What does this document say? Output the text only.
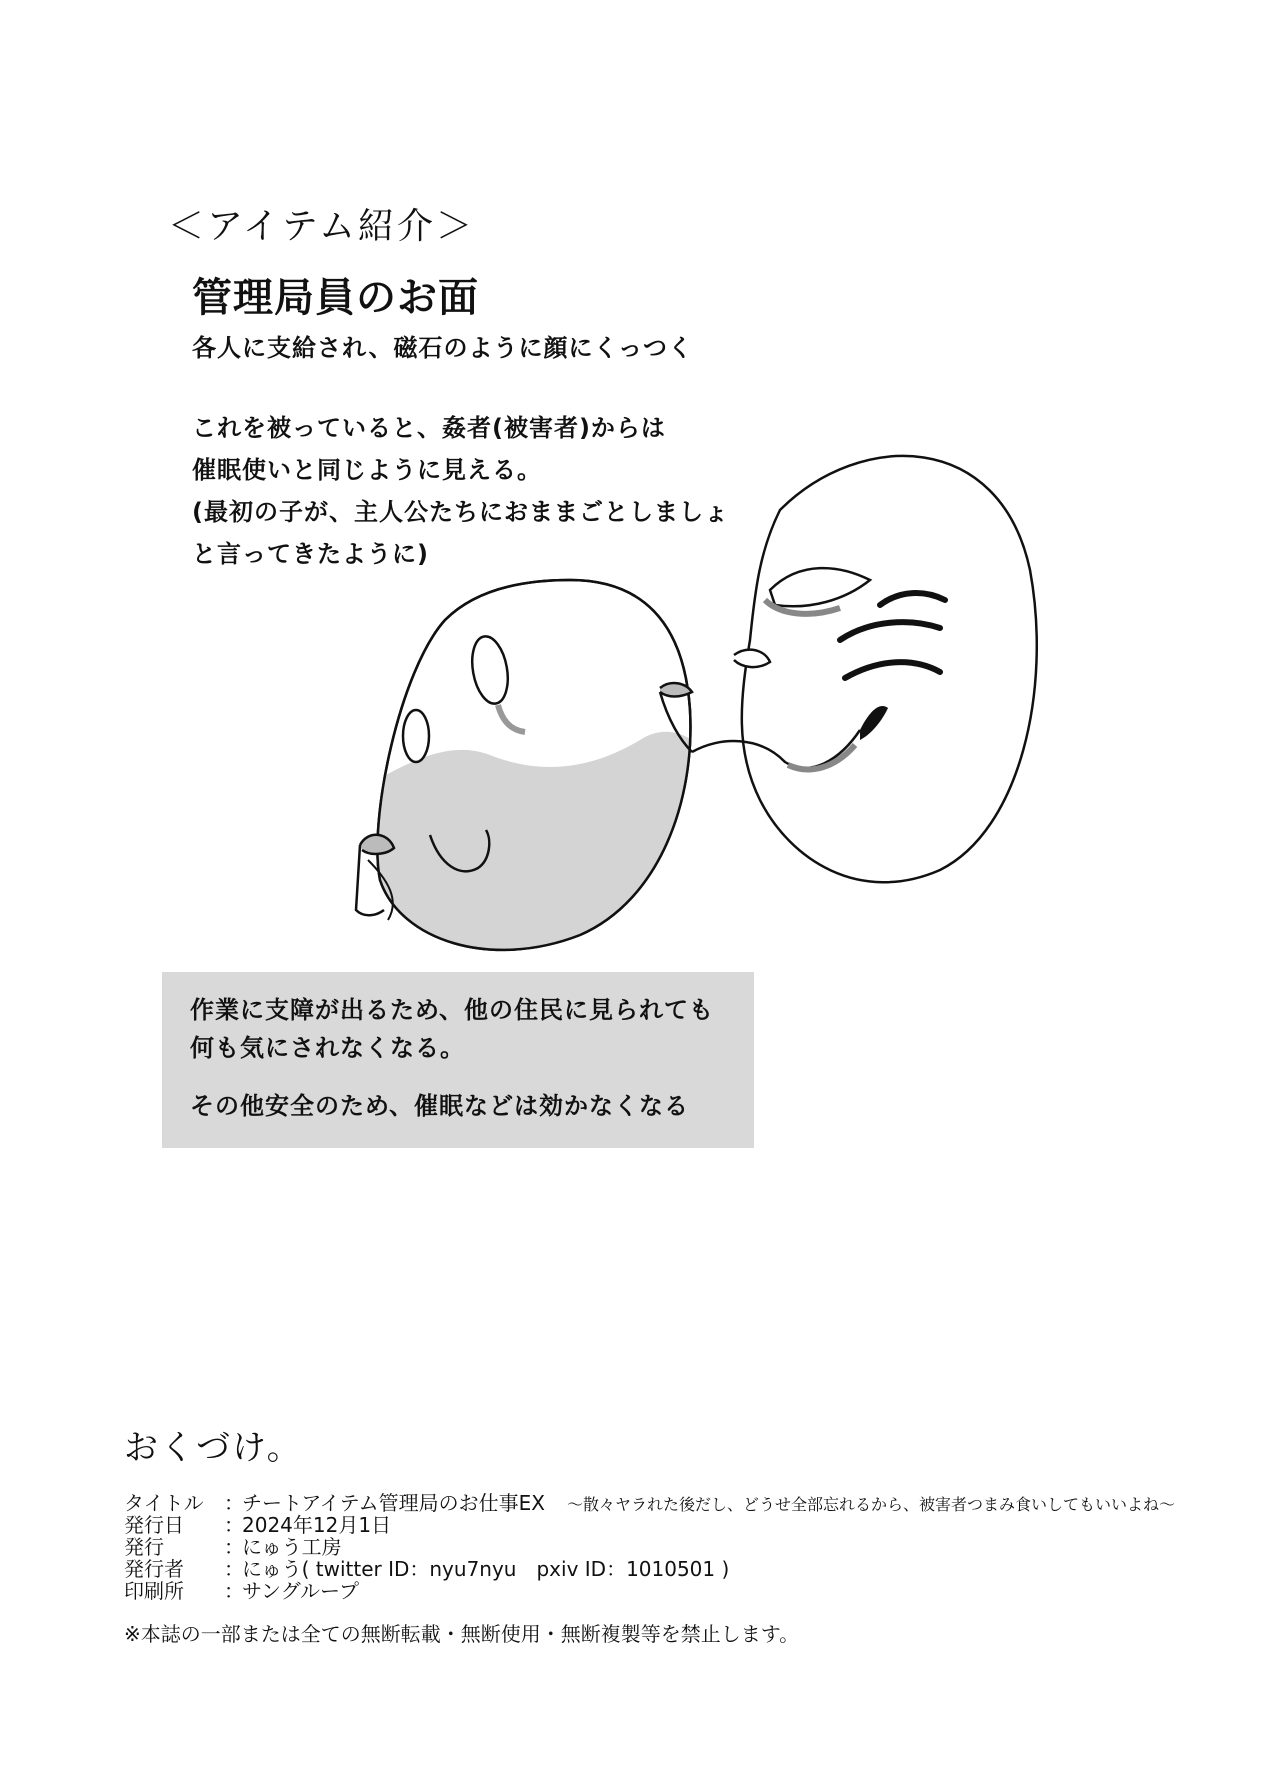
＜アイテム紹介＞
管理局員のお面
各人に支給され、磁石のように顔にくっつく
これを被っていると、姦者(被害者)からは
催眠使いと同じように見える。
(最初の子が、主人公たちにおままごとしましょ
と言ってきたように)
作業に支障が出るため、他の住民に見られても
何も気にされなくなる。
その他安全のため、催眠などは効かなくなる
おくづけ。
タイトル ：チートアイテム管理局のお仕事EX ～散々ヤラれた後だし、どうせ全部忘れるから、被害者つまみ食いしてもいいよね～
発行日 ：2024年12月1日
発行	：にゅう工房
発行者 ：にゅう( twitter ID：nyu7nyu　pxiv ID：1010501 )
印刷所 ：サングループ
※本誌の一部または全ての無断転載・無断使用・無断複製等を禁止します。
